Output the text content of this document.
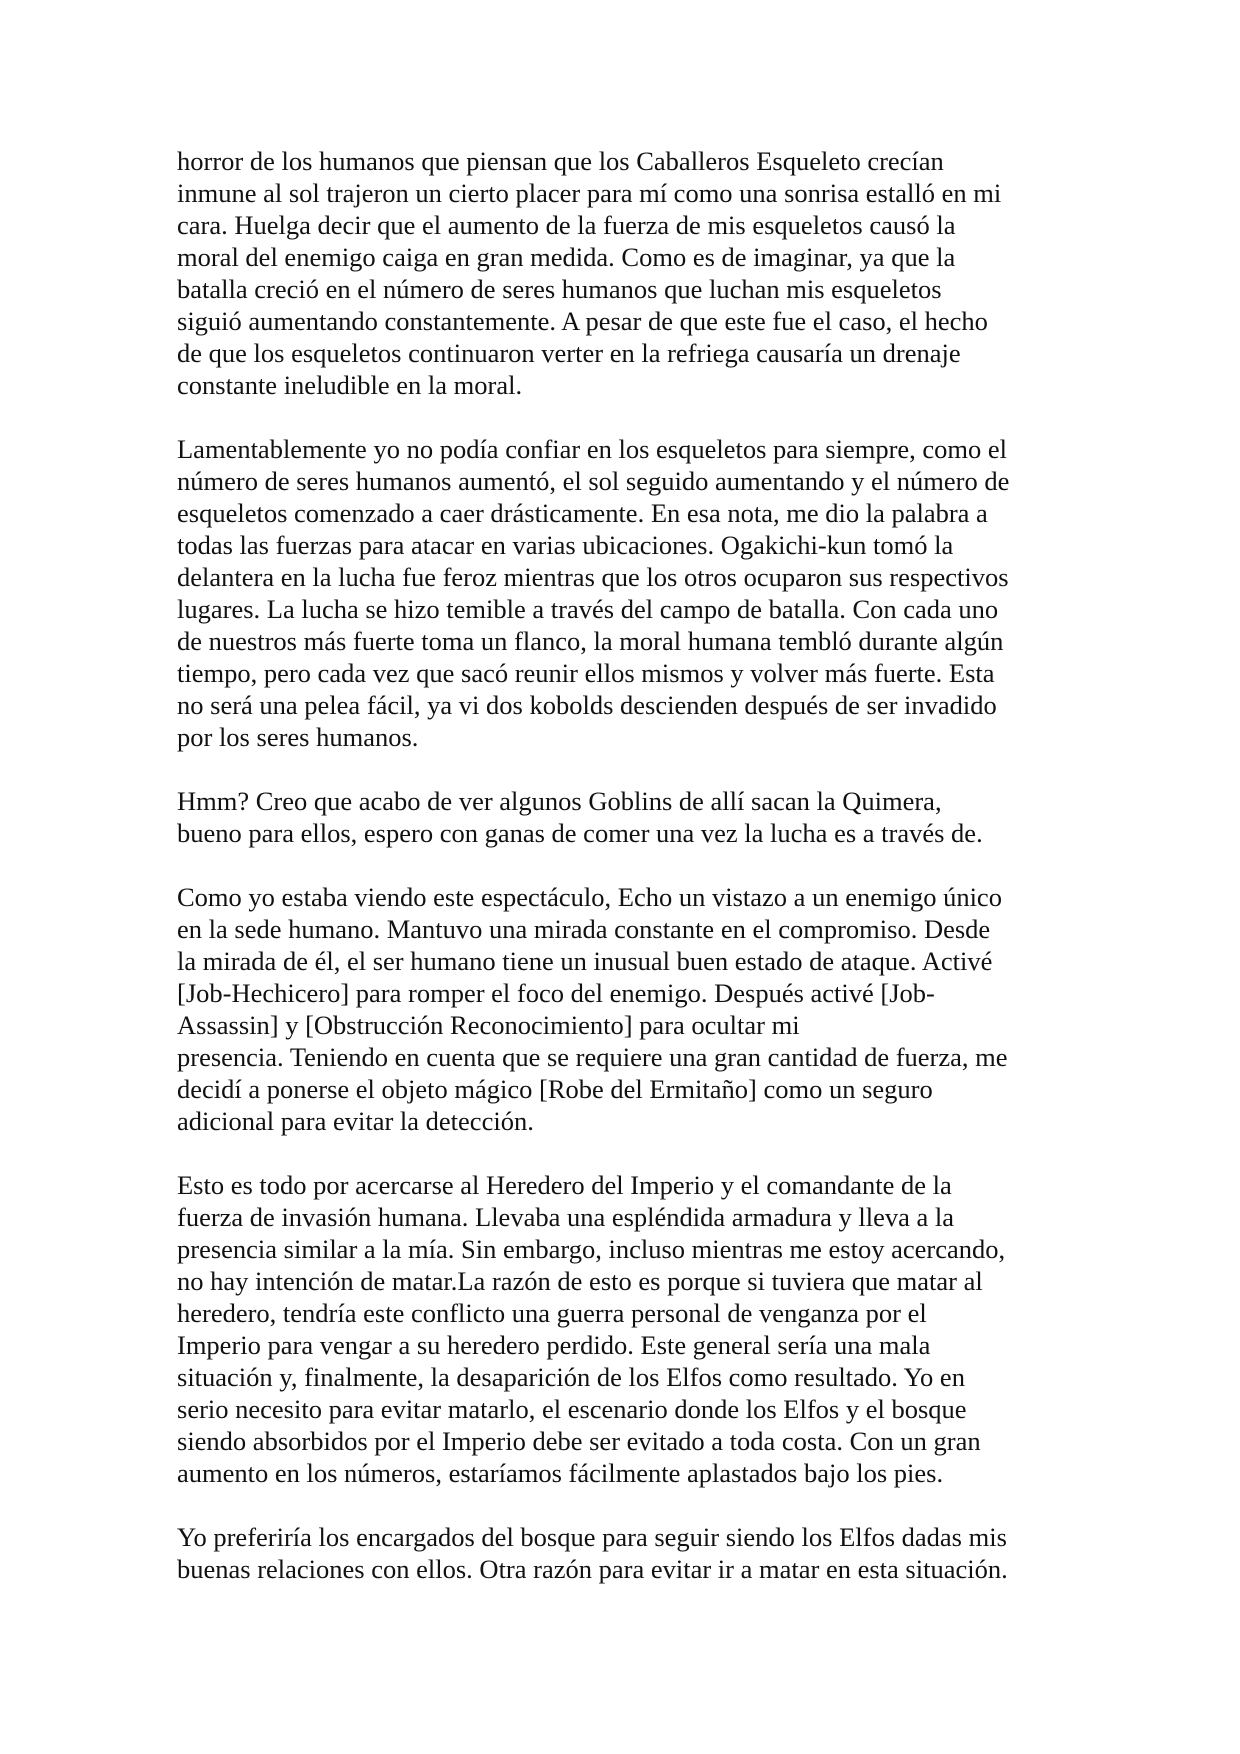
horror de los humanos que piensan que los Caballeros Esqueleto crecían
inmune al sol trajeron un cierto placer para mí como una sonrisa estalló en mi
cara. Huelga decir que el aumento de la fuerza de mis esqueletos causó la
moral del enemigo caiga en gran medida. Como es de imaginar, ya que la
batalla creció en el número de seres humanos que luchan mis esqueletos
siguió aumentando constantemente. A pesar de que este fue el caso, el hecho
de que los esqueletos continuaron verter en la refriega causaría un drenaje
constante ineludible en la moral.

Lamentablemente yo no podía confiar en los esqueletos para siempre, como el
número de seres humanos aumentó, el sol seguido aumentando y el número de
esqueletos comenzado a caer drásticamente. En esa nota, me dio la palabra a
todas las fuerzas para atacar en varias ubicaciones. Ogakichi-kun tomó la
delantera en la lucha fue feroz mientras que los otros ocuparon sus respectivos
lugares. La lucha se hizo temible a través del campo de batalla. Con cada uno
de nuestros más fuerte toma un flanco, la moral humana tembló durante algún
tiempo, pero cada vez que sacó reunir ellos mismos y volver más fuerte. Esta
no será una pelea fácil, ya vi dos kobolds descienden después de ser invadido
por los seres humanos.

Hmm? Creo que acabo de ver algunos Goblins de allí sacan la Quimera,
bueno para ellos, espero con ganas de comer una vez la lucha es a través de.

Como yo estaba viendo este espectáculo, Echo un vistazo a un enemigo único
en la sede humano. Mantuvo una mirada constante en el compromiso. Desde
la mirada de él, el ser humano tiene un inusual buen estado de ataque. Activé
[Job-Hechicero] para romper el foco del enemigo. Después activé [Job-
Assassin] y [Obstrucción Reconocimiento] para ocultar mi
presencia. Teniendo en cuenta que se requiere una gran cantidad de fuerza, me
decidí a ponerse el objeto mágico [Robe del Ermitaño] como un seguro
adicional para evitar la detección.

Esto es todo por acercarse al Heredero del Imperio y el comandante de la
fuerza de invasión humana. Llevaba una espléndida armadura y lleva a la
presencia similar a la mía. Sin embargo, incluso mientras me estoy acercando,
no hay intención de matar.La razón de esto es porque si tuviera que matar al
heredero, tendría este conflicto una guerra personal de venganza por el
Imperio para vengar a su heredero perdido. Este general sería una mala
situación y, finalmente, la desaparición de los Elfos como resultado. Yo en
serio necesito para evitar matarlo, el escenario donde los Elfos y el bosque
siendo absorbidos por el Imperio debe ser evitado a toda costa. Con un gran
aumento en los números, estaríamos fácilmente aplastados bajo los pies.

Yo preferiría los encargados del bosque para seguir siendo los Elfos dadas mis
buenas relaciones con ellos. Otra razón para evitar ir a matar en esta situación.
